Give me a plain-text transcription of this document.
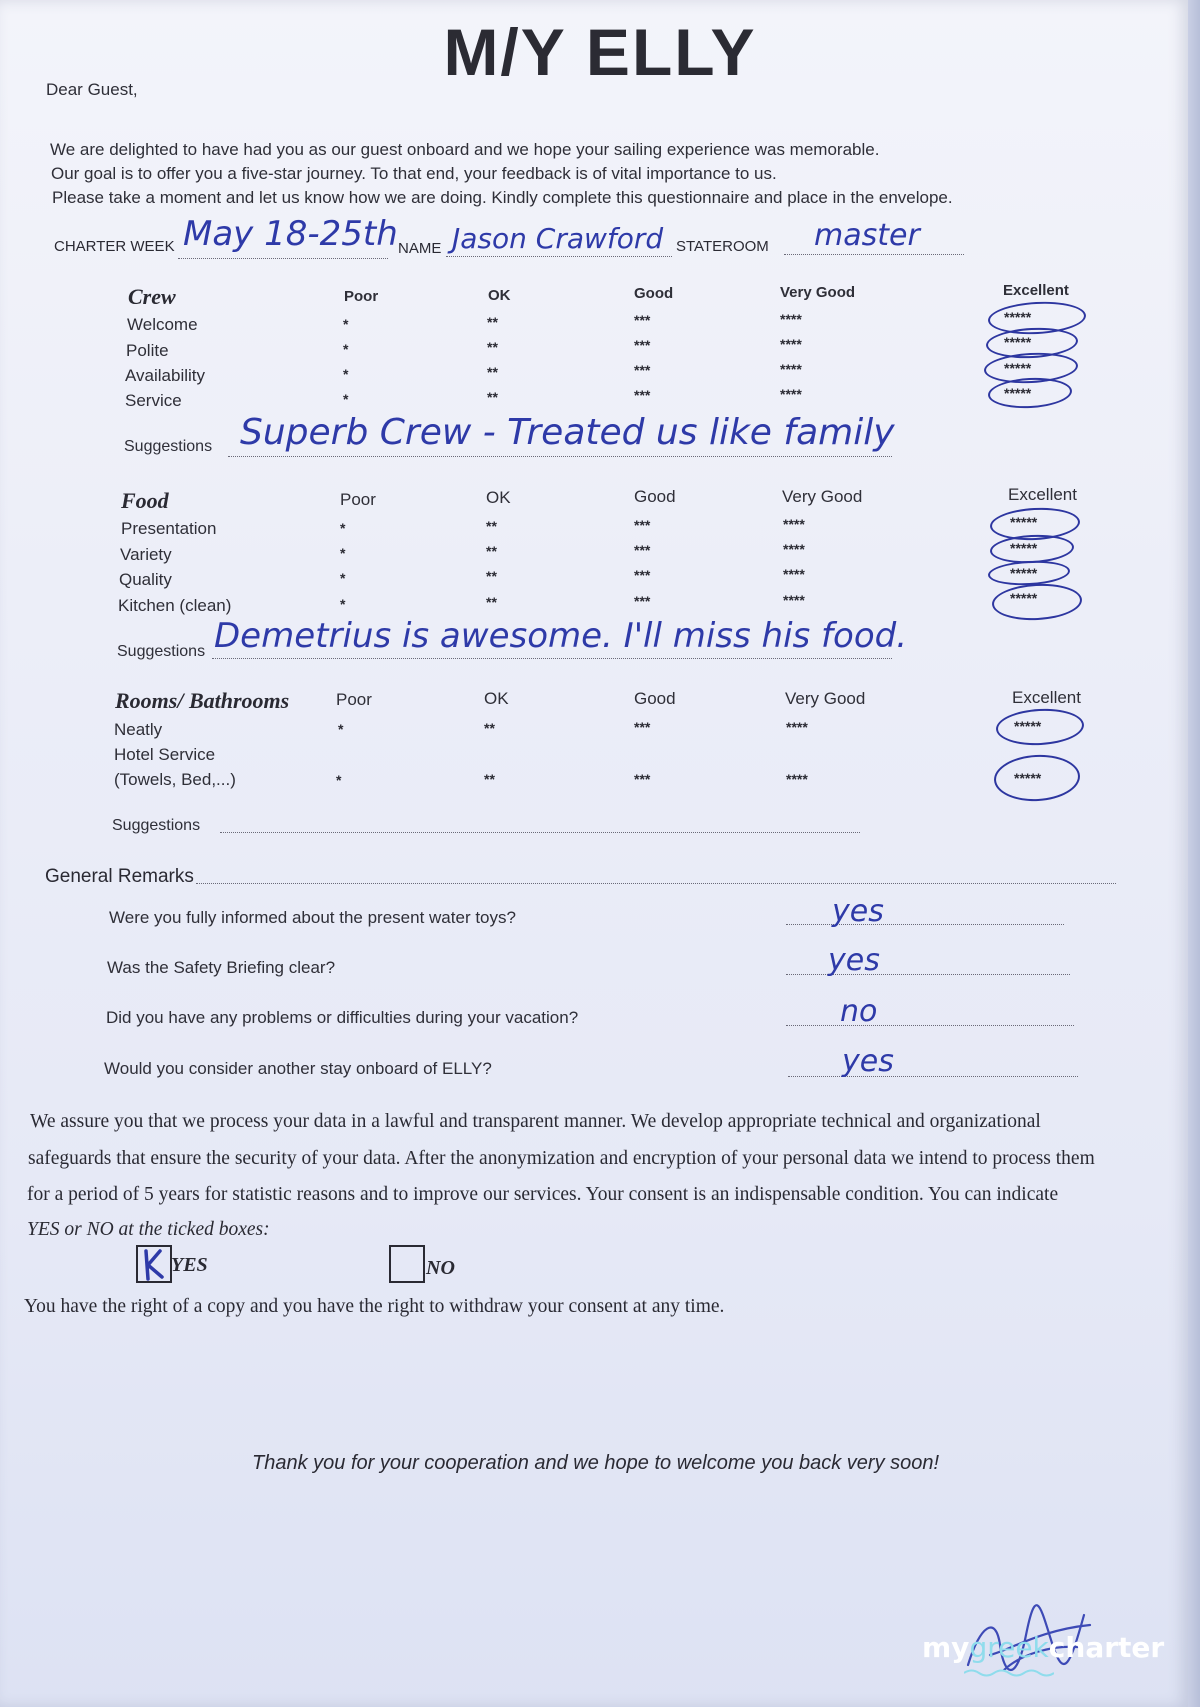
M/Y ELLY
Dear Guest,
We are delighted to have had you as our guest onboard and we hope your sailing experience was memorable.
Our goal is to offer you a five-star journey. To that end, your feedback is of vital importance to us.
Please take a moment and let us know how we are doing. Kindly complete this questionnaire and place in the envelope.
CHARTER WEEK May 18-25th NAME Jason Crawford STATEROOM master
Crew	Poor	OK	Good	Very Good	Excellent
Welcome	*	**	***	****	*****
Polite	*	**	***	****	*****
Availability	*	**	***	****	*****
Service	*	**	***	****	*****
Suggestions Superb Crew - Treated us like family
Food	Poor	OK	Good	Very Good	Excellent
Presentation	*	**	***	****	*****
Variety	*	**	***	****	*****
Quality	*	**	***	****	*****
Kitchen (clean)	*	**	***	****	*****
Suggestions Demetrius is awesome. I'll miss his food.
Rooms/ Bathrooms	Poor	OK	Good	Very Good	Excellent
Neatly	*	**	***	****	*****
Hotel Service
(Towels, Bed,...)	*	**	***	****	*****
Suggestions
General Remarks
Were you fully informed about the present water toys?	yes
Was the Safety Briefing clear?	yes
Did you have any problems or difficulties during your vacation?	no
Would you consider another stay onboard of ELLY?	yes
We assure you that we process your data in a lawful and transparent manner. We develop appropriate technical and organizational
safeguards that ensure the security of your data. After the anonymization and encryption of your personal data we intend to process them
for a period of 5 years for statistic reasons and to improve our services. Your consent is an indispensable condition. You can indicate
YES or NO at the ticked boxes:
YES	NO
You have the right of a copy and you have the right to withdraw your consent at any time.
Thank you for your cooperation and we hope to welcome you back very soon!
mygreekcharter
